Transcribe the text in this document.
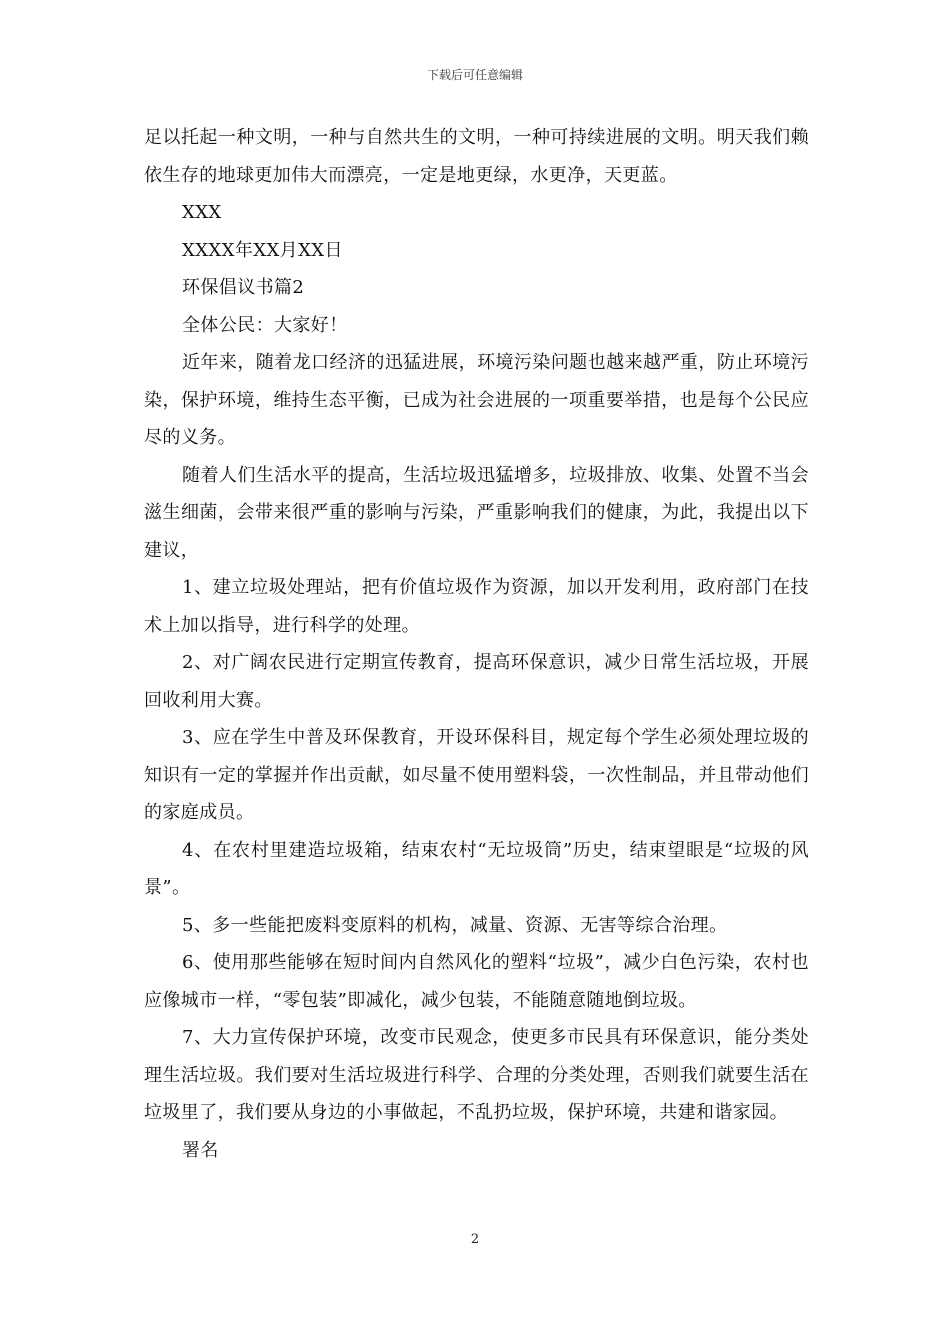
下载后可任意编辑

足以托起一种文明，一种与自然共生的文明，一种可持续进展的文明。明天我们赖依生存的地球更加伟大而漂亮，一定是地更绿，水更净，天更蓝。

XXX

XXXX年XX月XX日

环保倡议书篇2

全体公民：大家好！

近年来，随着龙口经济的迅猛进展，环境污染问题也越来越严重，防止环境污染，保护环境，维持生态平衡，已成为社会进展的一项重要举措，也是每个公民应尽的义务。

随着人们生活水平的提高，生活垃圾迅猛增多，垃圾排放、收集、处置不当会滋生细菌，会带来很严重的影响与污染，严重影响我们的健康，为此，我提出以下建议，

1、建立垃圾处理站，把有价值垃圾作为资源，加以开发利用，政府部门在技术上加以指导，进行科学的处理。

2、对广阔农民进行定期宣传教育，提高环保意识，减少日常生活垃圾，开展回收利用大赛。

3、应在学生中普及环保教育，开设环保科目，规定每个学生必须处理垃圾的知识有一定的掌握并作出贡献，如尽量不使用塑料袋，一次性制品，并且带动他们的家庭成员。

4、在农村里建造垃圾箱，结束农村“无垃圾筒”历史，结束望眼是“垃圾的风景”。

5、多一些能把废料变原料的机构，减量、资源、无害等综合治理。

6、使用那些能够在短时间内自然风化的塑料“垃圾”，减少白色污染，农村也应像城市一样，“零包装”即减化，减少包装，不能随意随地倒垃圾。

7、大力宣传保护环境，改变市民观念，使更多市民具有环保意识，能分类处理生活垃圾。我们要对生活垃圾进行科学、合理的分类处理，否则我们就要生活在垃圾里了，我们要从身边的小事做起，不乱扔垃圾，保护环境，共建和谐家园。

署名

2
